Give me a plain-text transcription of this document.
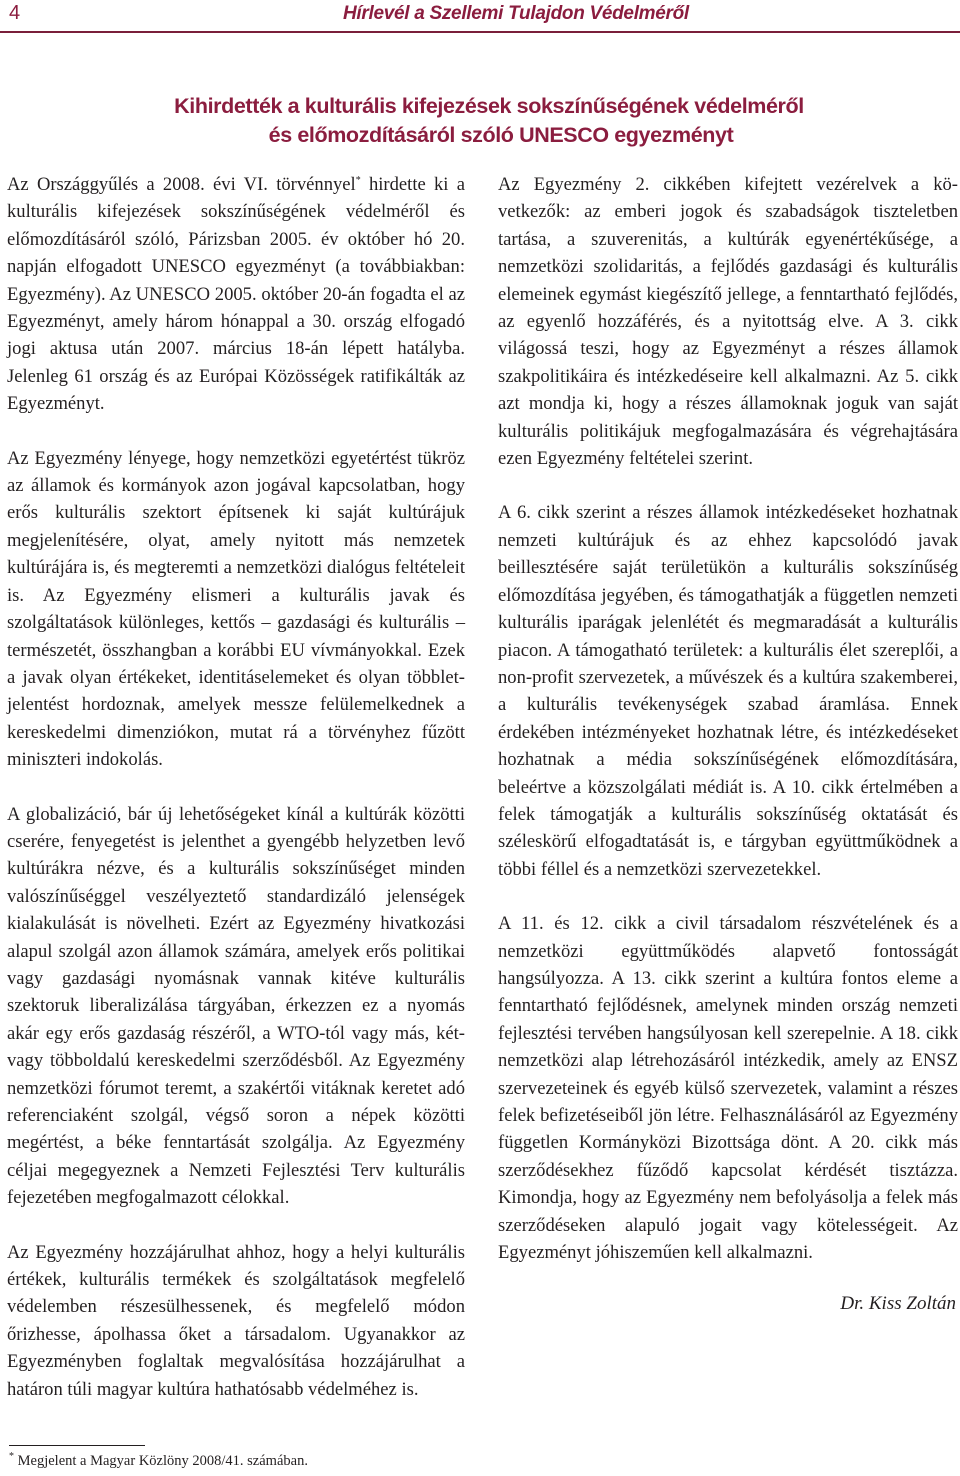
4	Hírlevél a Szellemi Tulajdon Védelméről
Kihirdették a kulturális kifejezések sokszínűségének védelméről
és előmozdításáról szóló UNESCO egyezményt

Az Országgyűlés a 2008. évi VI. törvénnyel* hirdette ki a kulturális kifejezések sokszínűségének védelméről és előmozdításáról szóló, Párizsban 2005. év október hó 20. napján elfogadott UNESCO egyezményt (a továbbiakban: Egyezmény). Az UNESCO 2005. október 20-án fogadta el az Egyezményt, amely három hónappal a 30. ország elfogadó jogi aktusa után 2007. március 18-án lépett hatályba. Jelenleg 61 ország és az Európai Közösségek ratifikálták az Egyezményt.

Az Egyezmény lényege, hogy nemzetközi egyetértést tükröz az államok és kormányok azon jogával kapcsolatban, hogy erős kulturális szektort építsenek ki saját kultúrájuk megjelenítésére, olyat, amely nyitott más nemzetek kultúrájára is, és megteremti a nemzetközi dialógus feltételeit is. Az Egyezmény elismeri a kulturális javak és szolgáltatások különleges, kettős – gazdasági és kulturális – természetét, összhangban a korábbi EU vívmányokkal. Ezek a javak olyan értékeket, identitáselemeket és olyan többlet-jelentést hordoznak, amelyek messze felülemelkednek a kereskedelmi dimenziókon, mutat rá a törvényhez fűzött miniszteri indokolás.

A globalizáció, bár új lehetőségeket kínál a kultúrák közötti cserére, fenyegetést is jelenthet a gyengébb helyzetben levő kultúrákra nézve, és a kulturális sokszínűséget minden valószínűséggel veszélyeztető standardizáló jelenségek kialakulását is növelheti. Ezért az Egyezmény hivatkozási alapul szolgál azon államok számára, amelyek erős politikai vagy gazdasági nyomásnak vannak kitéve kulturális szektoruk liberalizálása tárgyában, érkezzen ez a nyomás akár egy erős gazdaság részéről, a WTO-tól vagy más, két- vagy többoldalú kereskedelmi szerződésből. Az Egyezmény nemzetközi fórumot teremt, a szakértői vitáknak keretet adó referenciaként szolgál, végső soron a népek közötti megértést, a béke fenntartását szolgálja. Az Egyezmény céljai megegyeznek a Nemzeti Fejlesztési Terv kulturális fejezetében megfogalmazott célokkal.

Az Egyezmény hozzájárulhat ahhoz, hogy a helyi kulturális értékek, kulturális termékek és szolgáltatások megfelelő védelemben részesülhessenek, és megfelelő módon őrizhesse, ápolhassa őket a társadalom. Ugyanakkor az Egyezményben foglaltak megvalósítása hozzájárulhat a határon túli magyar kultúra hathatósabb védelméhez is.

Az Egyezmény 2. cikkében kifejtett vezérelvek a következők: az emberi jogok és szabadságok tiszteletben tartása, a szuverenitás, a kultúrák egyenértékűsége, a nemzetközi szolidaritás, a fejlődés gazdasági és kulturális elemeinek egymást kiegészítő jellege, a fenntartható fejlődés, az egyenlő hozzáférés, és a nyitottság elve. A 3. cikk világossá teszi, hogy az Egyezményt a részes államok szakpolitikáira és intézkedéseire kell alkalmazni. Az 5. cikk azt mondja ki, hogy a részes államoknak joguk van saját kulturális politikájuk megfogalmazására és végrehajtására ezen Egyezmény feltételei szerint.

A 6. cikk szerint a részes államok intézkedéseket hozhatnak nemzeti kultúrájuk és az ehhez kapcsolódó javak beillesztésére saját területükön a kulturális sokszínűség előmozdítása jegyében, és támogathatják a független nemzeti kulturális iparágak jelenlétét és megmaradását a kulturális piacon. A támogatható területek: a kulturális élet szereplői, a non-profit szervezetek, a művészek és a kultúra szakemberei, a kulturális tevékenységek szabad áramlása. Ennek érdekében intézményeket hozhatnak létre, és intézkedéseket hozhatnak a média sokszínűségének előmozdítására, beleértve a közszolgálati médiát is. A 10. cikk értelmében a felek támogatják a kulturális sokszínűség oktatását és széleskörű elfogadtatását is, e tárgyban együttműködnek a többi féllel és a nemzetközi szervezetekkel.

A 11. és 12. cikk a civil társadalom részvételének és a nemzetközi együttműködés alapvető fontosságát hangsúlyozza. A 13. cikk szerint a kultúra fontos eleme a fenntartható fejlődésnek, amelynek minden ország nemzeti fejlesztési tervében hangsúlyosan kell szerepelnie. A 18. cikk nemzetközi alap létrehozásáról intézkedik, amely az ENSZ szervezeteinek és egyéb külső szervezetek, valamint a részes felek befizetéseiből jön létre. Felhasználásáról az Egyezmény független Kormányközi Bizottsága dönt. A 20. cikk más szerződésekhez fűződő kapcsolat kérdését tisztázza. Kimondja, hogy az Egyezmény nem befolyásolja a felek más szerződéseken alapuló jogait vagy kötelességeit. Az Egyezményt jóhiszeműen kell alkalmazni.

Dr. Kiss Zoltán
* Megjelent a Magyar Közlöny 2008/41. számában.
